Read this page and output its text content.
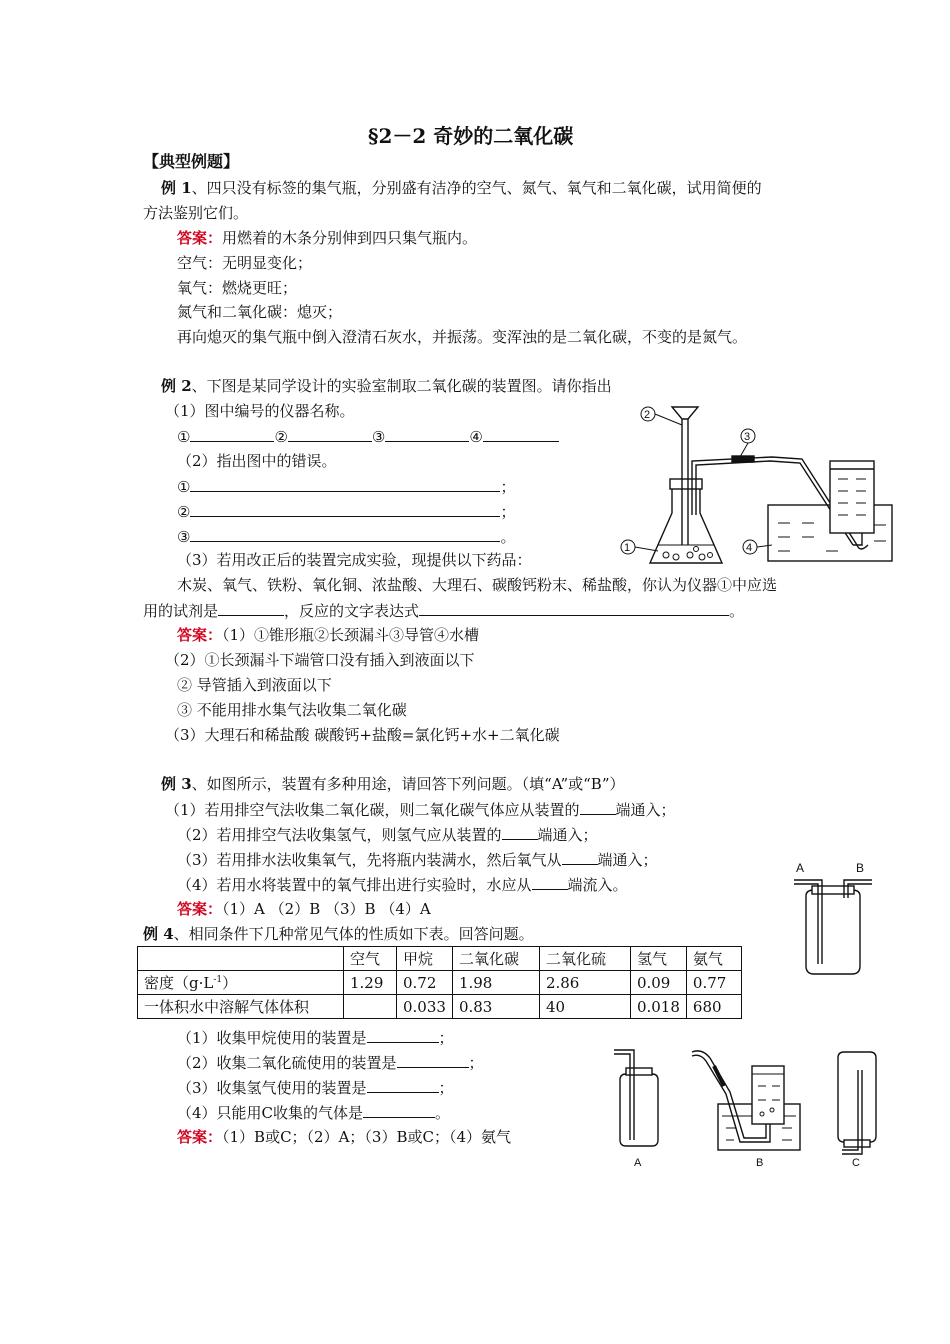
§2－2 奇妙的二氧化碳
【典型例题】
例 1、四只没有标签的集气瓶，分别盛有洁净的空气、氮气、氧气和二氧化碳，试用简便的
方法鉴别它们。
答案：用燃着的木条分别伸到四只集气瓶内。
空气：无明显变化；
氧气：燃烧更旺；
氮气和二氧化碳：熄灭；
再向熄灭的集气瓶中倒入澄清石灰水，并振荡。变浑浊的是二氧化碳，不变的是氮气。
例 2、下图是某同学设计的实验室制取二氧化碳的装置图。请你指出
（1）图中编号的仪器名称。
①	②	③	④
（2）指出图中的错误。
①	；
②	；
③	。
（3）若用改正后的装置完成实验，现提供以下药品：
木炭、氧气、铁粉、氧化铜、浓盐酸、大理石、碳酸钙粉末、稀盐酸，你认为仪器①中应选
用的试剂是	，反应的文字表达式	。
答案：（1）①锥形瓶②长颈漏斗③导管④水槽
（2）①长颈漏斗下端管口没有插入到液面以下
② 导管插入到液面以下
③ 不能用排水集气法收集二氧化碳
（3）大理石和稀盐酸 碳酸钙+盐酸=氯化钙+水+二氧化碳
2
3
1	4
例 3、如图所示，装置有多种用途，请回答下列问题。（填“A”或“B”）
（1）若用排空气法收集二氧化碳，则二氧化碳气体应从装置的 端通入；
（2）若用排空气法收集氢气，则氢气应从装置的 端通入；
（3）若用排水法收集氧气，先将瓶内装满水，然后氧气从 端通入；
（4）若用水将装置中的氧气排出进行实验时，水应从 端流入。
答案：（1）A （2）B （3）B （4）A
A	B
例 4、相同条件下几种常见气体的性质如下表。回答问题。
	空气	甲烷	二氧化碳	二氧化硫	氢气	氨气
密度$(g\cdot L^{-1})$	1.29	0.72	1.98	2.86	0.09	0.77
一体积水中溶解气体体积		0.033	0.83	40	0.018	680
（1）收集甲烷使用的装置是	；
（2）收集二氧化硫使用的装置是	；
（3）收集氢气使用的装置是	；
（4）只能用C收集的气体是	。
答案：（1）B或C；（2）A；（3）B或C；（4）氨气
A	B	C
